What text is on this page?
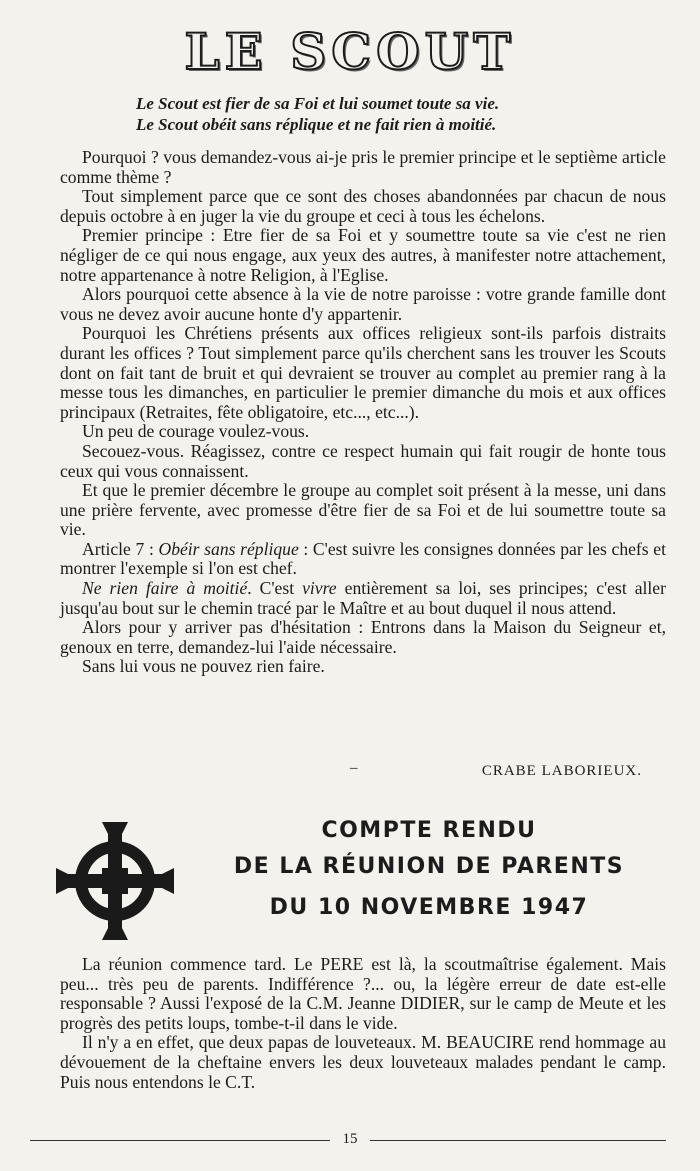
LE SCOUT
Le Scout est fier de sa Foi et lui soumet toute sa vie.
Le Scout obéit sans réplique et ne fait rien à moitié.
Pourquoi ? vous demandez-vous ai-je pris le premier principe et le septième article comme thème ?
Tout simplement parce que ce sont des choses abandonnées par chacun de nous depuis octobre à en juger la vie du groupe et ceci à tous les échelons.
Premier principe : Etre fier de sa Foi et y soumettre toute sa vie c'est ne rien négliger de ce qui nous engage, aux yeux des autres, à manifester notre attachement, notre appartenance à notre Religion, à l'Eglise.
Alors pourquoi cette absence à la vie de notre paroisse : votre grande famille dont vous ne devez avoir aucune honte d'y appartenir.
Pourquoi les Chrétiens présents aux offices religieux sont-ils parfois distraits durant les offices ? Tout simplement parce qu'ils cherchent sans les trouver les Scouts dont on fait tant de bruit et qui devraient se trouver au complet au premier rang à la messe tous les dimanches, en particulier le premier dimanche du mois et aux offices principaux (Retraites, fête obligatoire, etc..., etc...).
Un peu de courage voulez-vous.
Secouez-vous. Réagissez, contre ce respect humain qui fait rougir de honte tous ceux qui vous connaissent.
Et que le premier décembre le groupe au complet soit présent à la messe, uni dans une prière fervente, avec promesse d'être fier de sa Foi et de lui soumettre toute sa vie.
Article 7 : Obéir sans réplique : C'est suivre les consignes données par les chefs et montrer l'exemple si l'on est chef.
Ne rien faire à moitié. C'est vivre entièrement sa loi, ses principes; c'est aller jusqu'au bout sur le chemin tracé par le Maître et au bout duquel il nous attend.
Alors pour y arriver pas d'hésitation : Entrons dans la Maison du Seigneur et, genoux en terre, demandez-lui l'aide nécessaire.
Sans lui vous ne pouvez rien faire.
–	CRABE LABORIEUX.
COMPTE RENDU
DE LA RÉUNION DE PARENTS
DU 10 NOVEMBRE 1947
La réunion commence tard. Le PERE est là, la scoutmaîtrise également. Mais peu... très peu de parents. Indifférence ?... ou, la légère erreur de date est-elle responsable ? Aussi l'exposé de la C.M. Jeanne DIDIER, sur le camp de Meute et les progrès des petits loups, tombe-t-il dans le vide.
Il n'y a en effet, que deux papas de louveteaux. M. BEAUCIRE rend hommage au dévouement de la cheftaine envers les deux louveteaux malades pendant le camp. Puis nous entendons le C.T.
15
